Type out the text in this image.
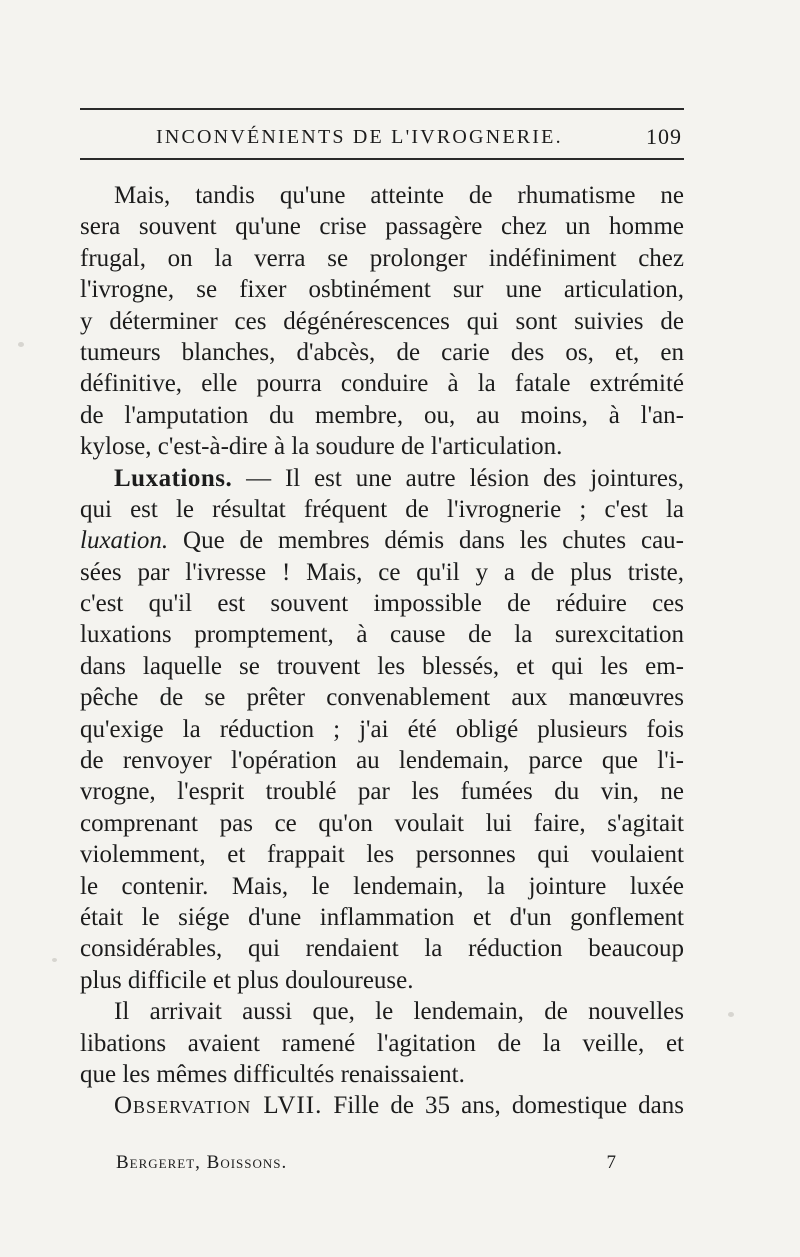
INCONVÉNIENTS DE L'IVROGNERIE.	109
Mais, tandis qu'une atteinte de rhumatisme ne
sera souvent qu'une crise passagère chez un homme
frugal, on la verra se prolonger indéfiniment chez
l'ivrogne, se fixer osbtinément sur une articulation,
y déterminer ces dégénérescences qui sont suivies de
tumeurs blanches, d'abcès, de carie des os, et, en
définitive, elle pourra conduire à la fatale extrémité
de l'amputation du membre, ou, au moins, à l'an-
kylose, c'est-à-dire à la soudure de l'articulation.
Luxations. — Il est une autre lésion des jointures,
qui est le résultat fréquent de l'ivrognerie ; c'est la
luxation. Que de membres démis dans les chutes cau-
sées par l'ivresse ! Mais, ce qu'il y a de plus triste,
c'est qu'il est souvent impossible de réduire ces
luxations promptement, à cause de la surexcitation
dans laquelle se trouvent les blessés, et qui les em-
pêche de se prêter convenablement aux manœuvres
qu'exige la réduction ; j'ai été obligé plusieurs fois
de renvoyer l'opération au lendemain, parce que l'i-
vrogne, l'esprit troublé par les fumées du vin, ne
comprenant pas ce qu'on voulait lui faire, s'agitait
violemment, et frappait les personnes qui voulaient
le contenir. Mais, le lendemain, la jointure luxée
était le siége d'une inflammation et d'un gonflement
considérables, qui rendaient la réduction beaucoup
plus difficile et plus douloureuse.
Il arrivait aussi que, le lendemain, de nouvelles
libations avaient ramené l'agitation de la veille, et
que les mêmes difficultés renaissaient.
Observation LVII. Fille de 35 ans, domestique dans
Bergeret, Boissons.	7
